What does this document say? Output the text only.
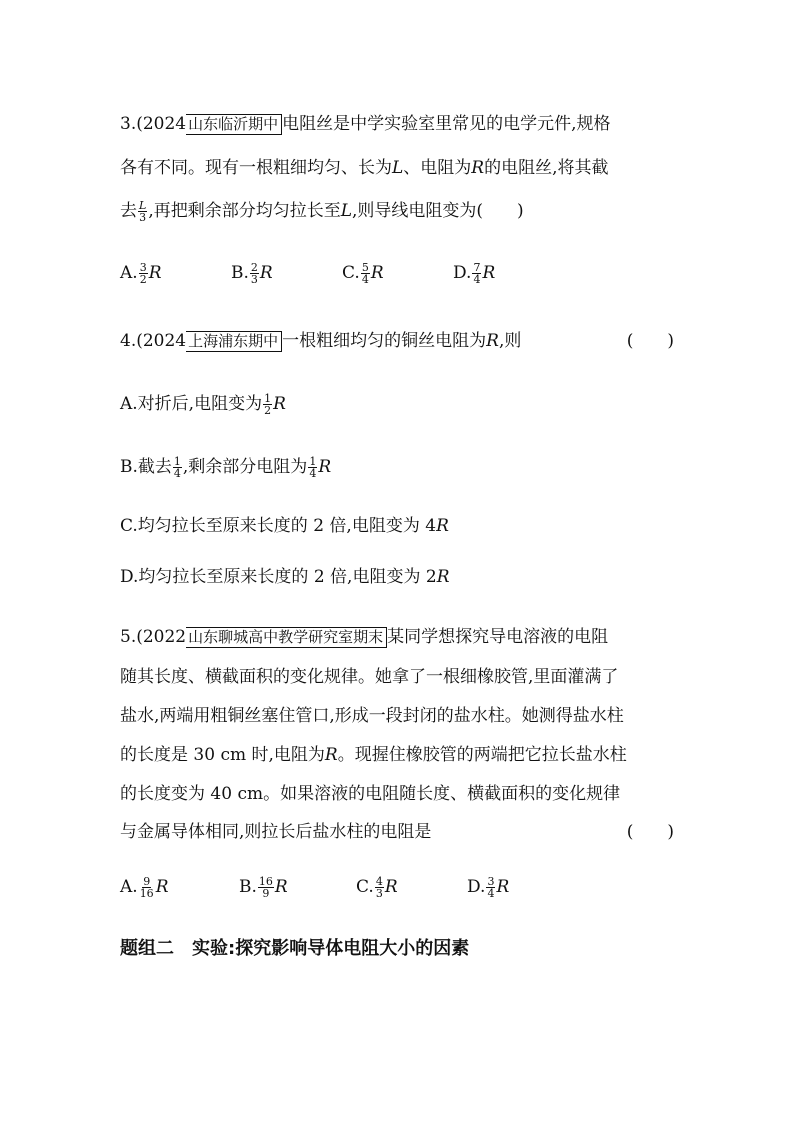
3.(2024 山东临沂期中 电阻丝是中学实验室里常见的电学元件,规格
各有不同。现有一根粗细均匀、长为L、电阻为R的电阻丝,将其截
去 $\frac{L}{3}$ ,再把剩余部分均匀拉长至L,则导线电阻变为(　　)
A. $\frac{3}{2}$ R	B. $\frac{2}{3}$ R	C. $\frac{5}{4}$ R	D. $\frac{7}{4}$ R
4.(2024 上海浦东期中 一根粗细均匀的铜丝电阻为R,则	(　　)
A.对折后,电阻变为 $\frac{1}{2}$ R
B.截去 $\frac{1}{4}$ ,剩余部分电阻为 $\frac{1}{4}$ R
C.均匀拉长至原来长度的 2 倍,电阻变为 4R
D.均匀拉长至原来长度的 2 倍,电阻变为 2R
5.(2022 山东聊城高中教学研究室期末 某同学想探究导电溶液的电阻
随其长度、横截面积的变化规律。她拿了一根细橡胶管,里面灌满了
盐水,两端用粗铜丝塞住管口,形成一段封闭的盐水柱。她测得盐水柱
的长度是 30 cm 时,电阻为R。现握住橡胶管的两端把它拉长盐水柱
的长度变为 40 cm。如果溶液的电阻随长度、横截面积的变化规律
与金属导体相同,则拉长后盐水柱的电阻是	(　　)
A. $\frac{9}{16}$ R	B. $\frac{16}{9}$ R	C. $\frac{4}{3}$ R	D. $\frac{3}{4}$ R
题组二 实验:探究影响导体电阻大小的因素
